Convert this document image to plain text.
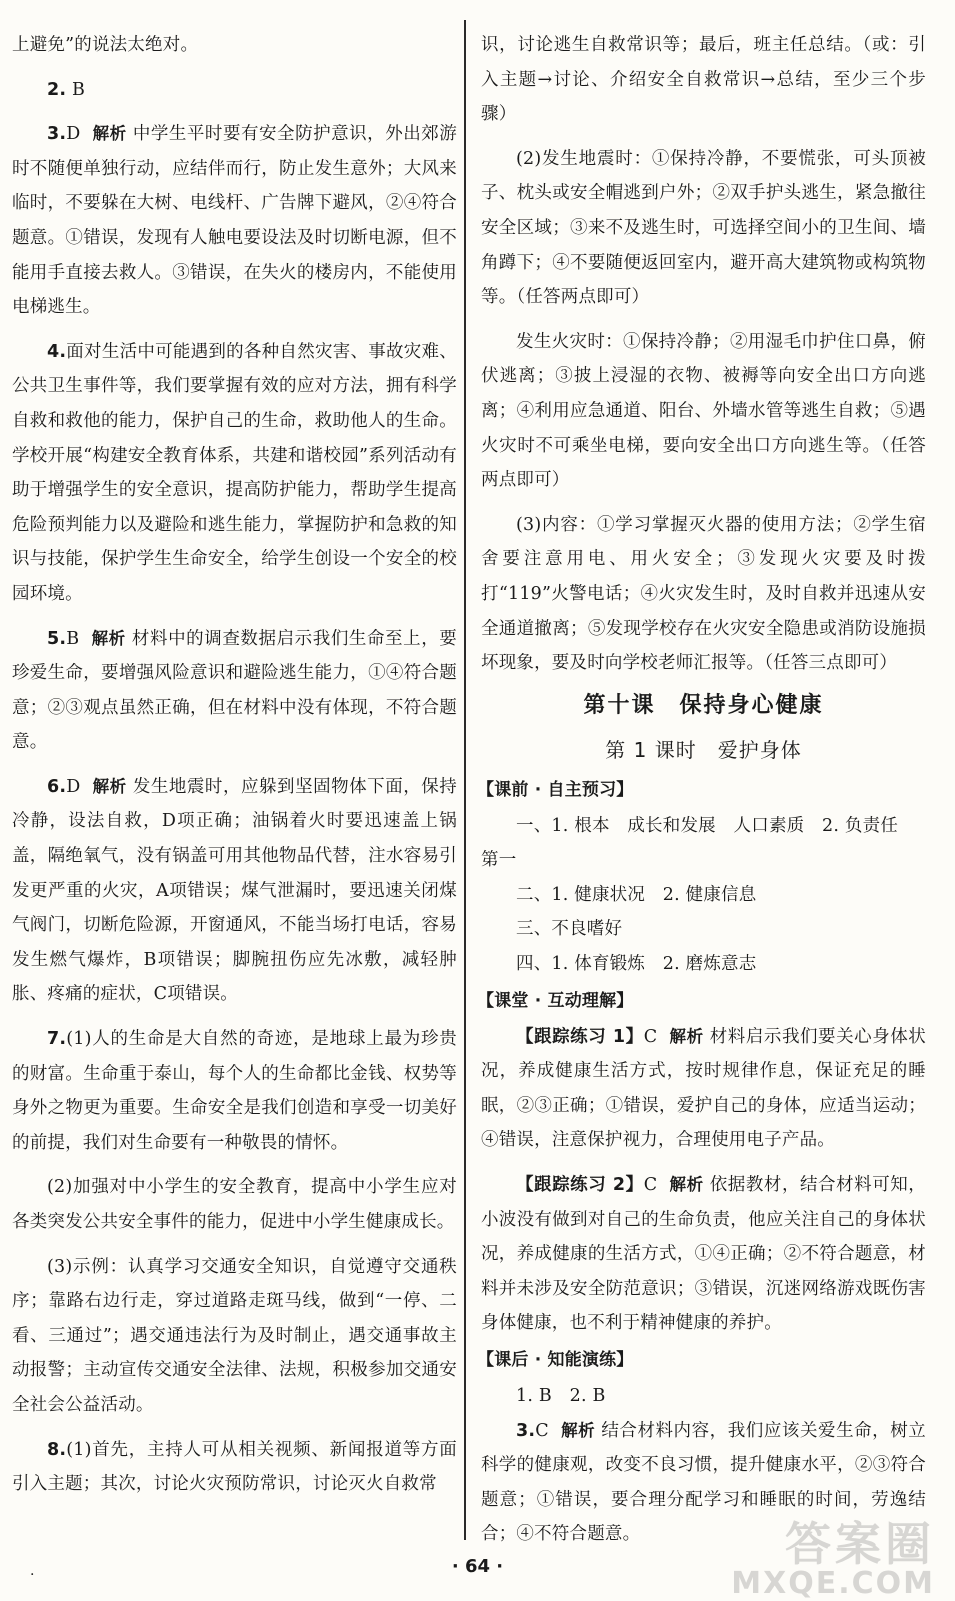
上避免”的说法太绝对。

2. B

3.D 解析 中学生平时要有安全防护意识，外出郊游时不随便单独行动，应结伴而行，防止发生意外；大风来临时，不要躲在大树、电线杆、广告牌下避风，②④符合题意。①错误，发现有人触电要设法及时切断电源，但不能用手直接去救人。③错误，在失火的楼房内，不能使用电梯逃生。

4.面对生活中可能遇到的各种自然灾害、事故灾难、公共卫生事件等，我们要掌握有效的应对方法，拥有科学自救和救他的能力，保护自己的生命，救助他人的生命。学校开展“构建安全教育体系，共建和谐校园”系列活动有助于增强学生的安全意识，提高防护能力，帮助学生提高危险预判能力以及避险和逃生能力，掌握防护和急救的知识与技能，保护学生生命安全，给学生创设一个安全的校园环境。

5.B 解析 材料中的调查数据启示我们生命至上，要珍爱生命，要增强风险意识和避险逃生能力，①④符合题意；②③观点虽然正确，但在材料中没有体现，不符合题意。

6.D 解析 发生地震时，应躲到坚固物体下面，保持冷静，设法自救，D项正确；油锅着火时要迅速盖上锅盖，隔绝氧气，没有锅盖可用其他物品代替，注水容易引发更严重的火灾，A项错误；煤气泄漏时，要迅速关闭煤气阀门，切断危险源，开窗通风，不能当场打电话，容易发生燃气爆炸，B项错误；脚腕扭伤应先冰敷，减轻肿胀、疼痛的症状，C项错误。

7.(1)人的生命是大自然的奇迹，是地球上最为珍贵的财富。生命重于泰山，每个人的生命都比金钱、权势等身外之物更为重要。生命安全是我们创造和享受一切美好的前提，我们对生命要有一种敬畏的情怀。

(2)加强对中小学生的安全教育，提高中小学生应对各类突发公共安全事件的能力，促进中小学生健康成长。

(3)示例：认真学习交通安全知识，自觉遵守交通秩序；靠路右边行走，穿过道路走斑马线，做到“一停、二看、三通过”；遇交通违法行为及时制止，遇交通事故主动报警；主动宣传交通安全法律、法规，积极参加交通安全社会公益活动。

8.(1)首先，主持人可从相关视频、新闻报道等方面引入主题；其次，讨论火灾预防常识，讨论灭火自救常

识，讨论逃生自救常识等；最后，班主任总结。（或：引入主题→讨论、介绍安全自救常识→总结，至少三个步骤）

(2)发生地震时：①保持冷静，不要慌张，可头顶被子、枕头或安全帽逃到户外；②双手护头逃生，紧急撤往安全区域；③来不及逃生时，可选择空间小的卫生间、墙角蹲下；④不要随便返回室内，避开高大建筑物或构筑物等。（任答两点即可）

发生火灾时：①保持冷静；②用湿毛巾护住口鼻，俯伏逃离；③披上浸湿的衣物、被褥等向安全出口方向逃离；④利用应急通道、阳台、外墙水管等逃生自救；⑤遇火灾时不可乘坐电梯，要向安全出口方向逃生等。（任答两点即可）

(3)内容：①学习掌握灭火器的使用方法；②学生宿舍要注意用电、用火安全；③发现火灾要及时拨打“119”火警电话；④火灾发生时，及时自救并迅速从安全通道撤离；⑤发现学校存在火灾安全隐患或消防设施损坏现象，要及时向学校老师汇报等。（任答三点即可）

第十课　保持身心健康
第 1 课时　爱护身体
【课前 · 自主预习】

一、1. 根本　成长和发展　人口素质　2. 负责任

第一

二、1. 健康状况　2. 健康信息

三、不良嗜好

四、1. 体育锻炼　2. 磨炼意志

【课堂 · 互动理解】

【跟踪练习 1】C 解析 材料启示我们要关心身体状况，养成健康生活方式，按时规律作息，保证充足的睡眠，②③正确；①错误，爱护自己的身体，应适当运动；④错误，注意保护视力，合理使用电子产品。

【跟踪练习 2】C 解析 依据教材，结合材料可知，小波没有做到对自己的生命负责，他应关注自己的身体状况，养成健康的生活方式，①④正确；②不符合题意，材料并未涉及安全防范意识；③错误，沉迷网络游戏既伤害身体健康，也不利于精神健康的养护。

【课后 · 知能演练】

1. B　2. B

3.C 解析 结合材料内容，我们应该关爱生命，树立科学的健康观，改变不良习惯，提升健康水平，②③符合题意；①错误，要合理分配学习和睡眠的时间，劳逸结合；④不符合题意。

.	· 64 ·	答案圈
MXQE.COM
